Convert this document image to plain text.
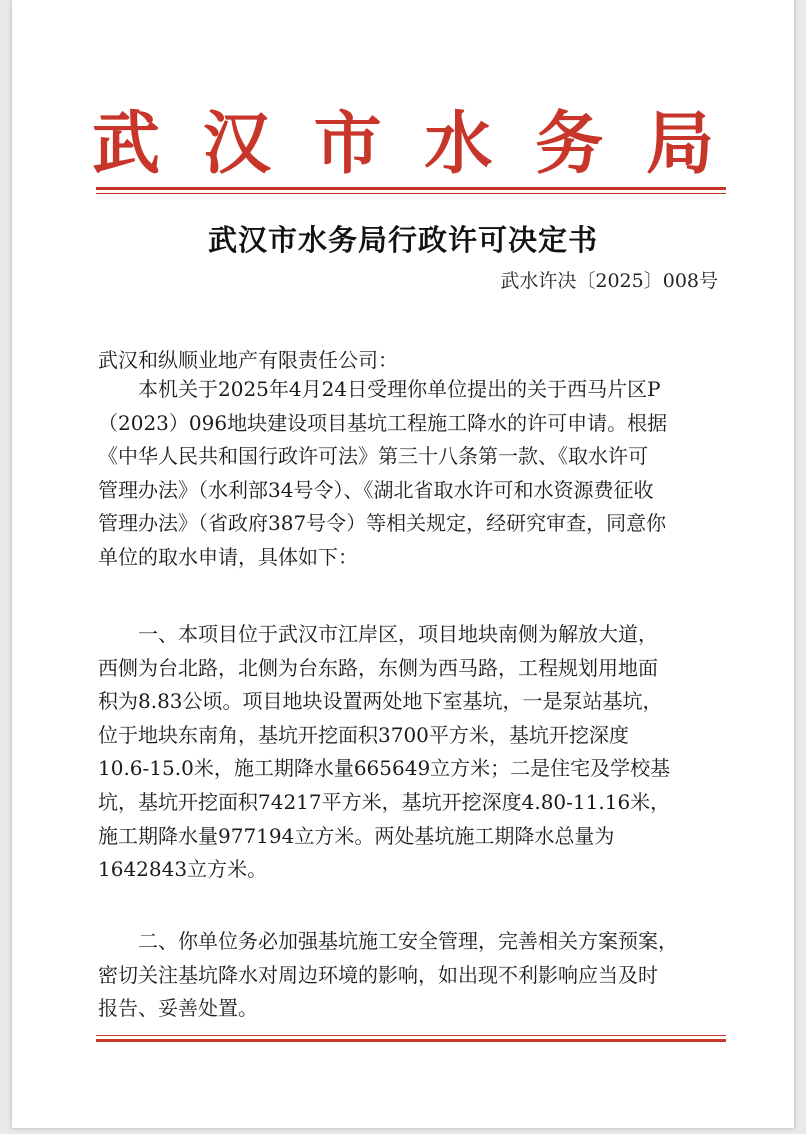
武 汉 市 水 务 局
武汉市水务局行政许可决定书
武水许决〔2025〕008号
武汉和纵顺业地产有限责任公司：
本机关于2025年4月24日受理你单位提出的关于西马片区P
（2023）096地块建设项目基坑工程施工降水的许可申请。根据
《中华人民共和国行政许可法》第三十八条第一款、《取水许可
管理办法》（水利部34号令）、《湖北省取水许可和水资源费征收
管理办法》（省政府387号令）等相关规定，经研究审查，同意你
单位的取水申请，具体如下：
一、本项目位于武汉市江岸区，项目地块南侧为解放大道，
西侧为台北路，北侧为台东路，东侧为西马路，工程规划用地面
积为8.83公顷。项目地块设置两处地下室基坑，一是泵站基坑，
位于地块东南角，基坑开挖面积3700平方米，基坑开挖深度
10.6-15.0米，施工期降水量665649立方米；二是住宅及学校基
坑，基坑开挖面积74217平方米，基坑开挖深度4.80-11.16米，
施工期降水量977194立方米。两处基坑施工期降水总量为
1642843立方米。
二、你单位务必加强基坑施工安全管理，完善相关方案预案，
密切关注基坑降水对周边环境的影响，如出现不利影响应当及时
报告、妥善处置。
